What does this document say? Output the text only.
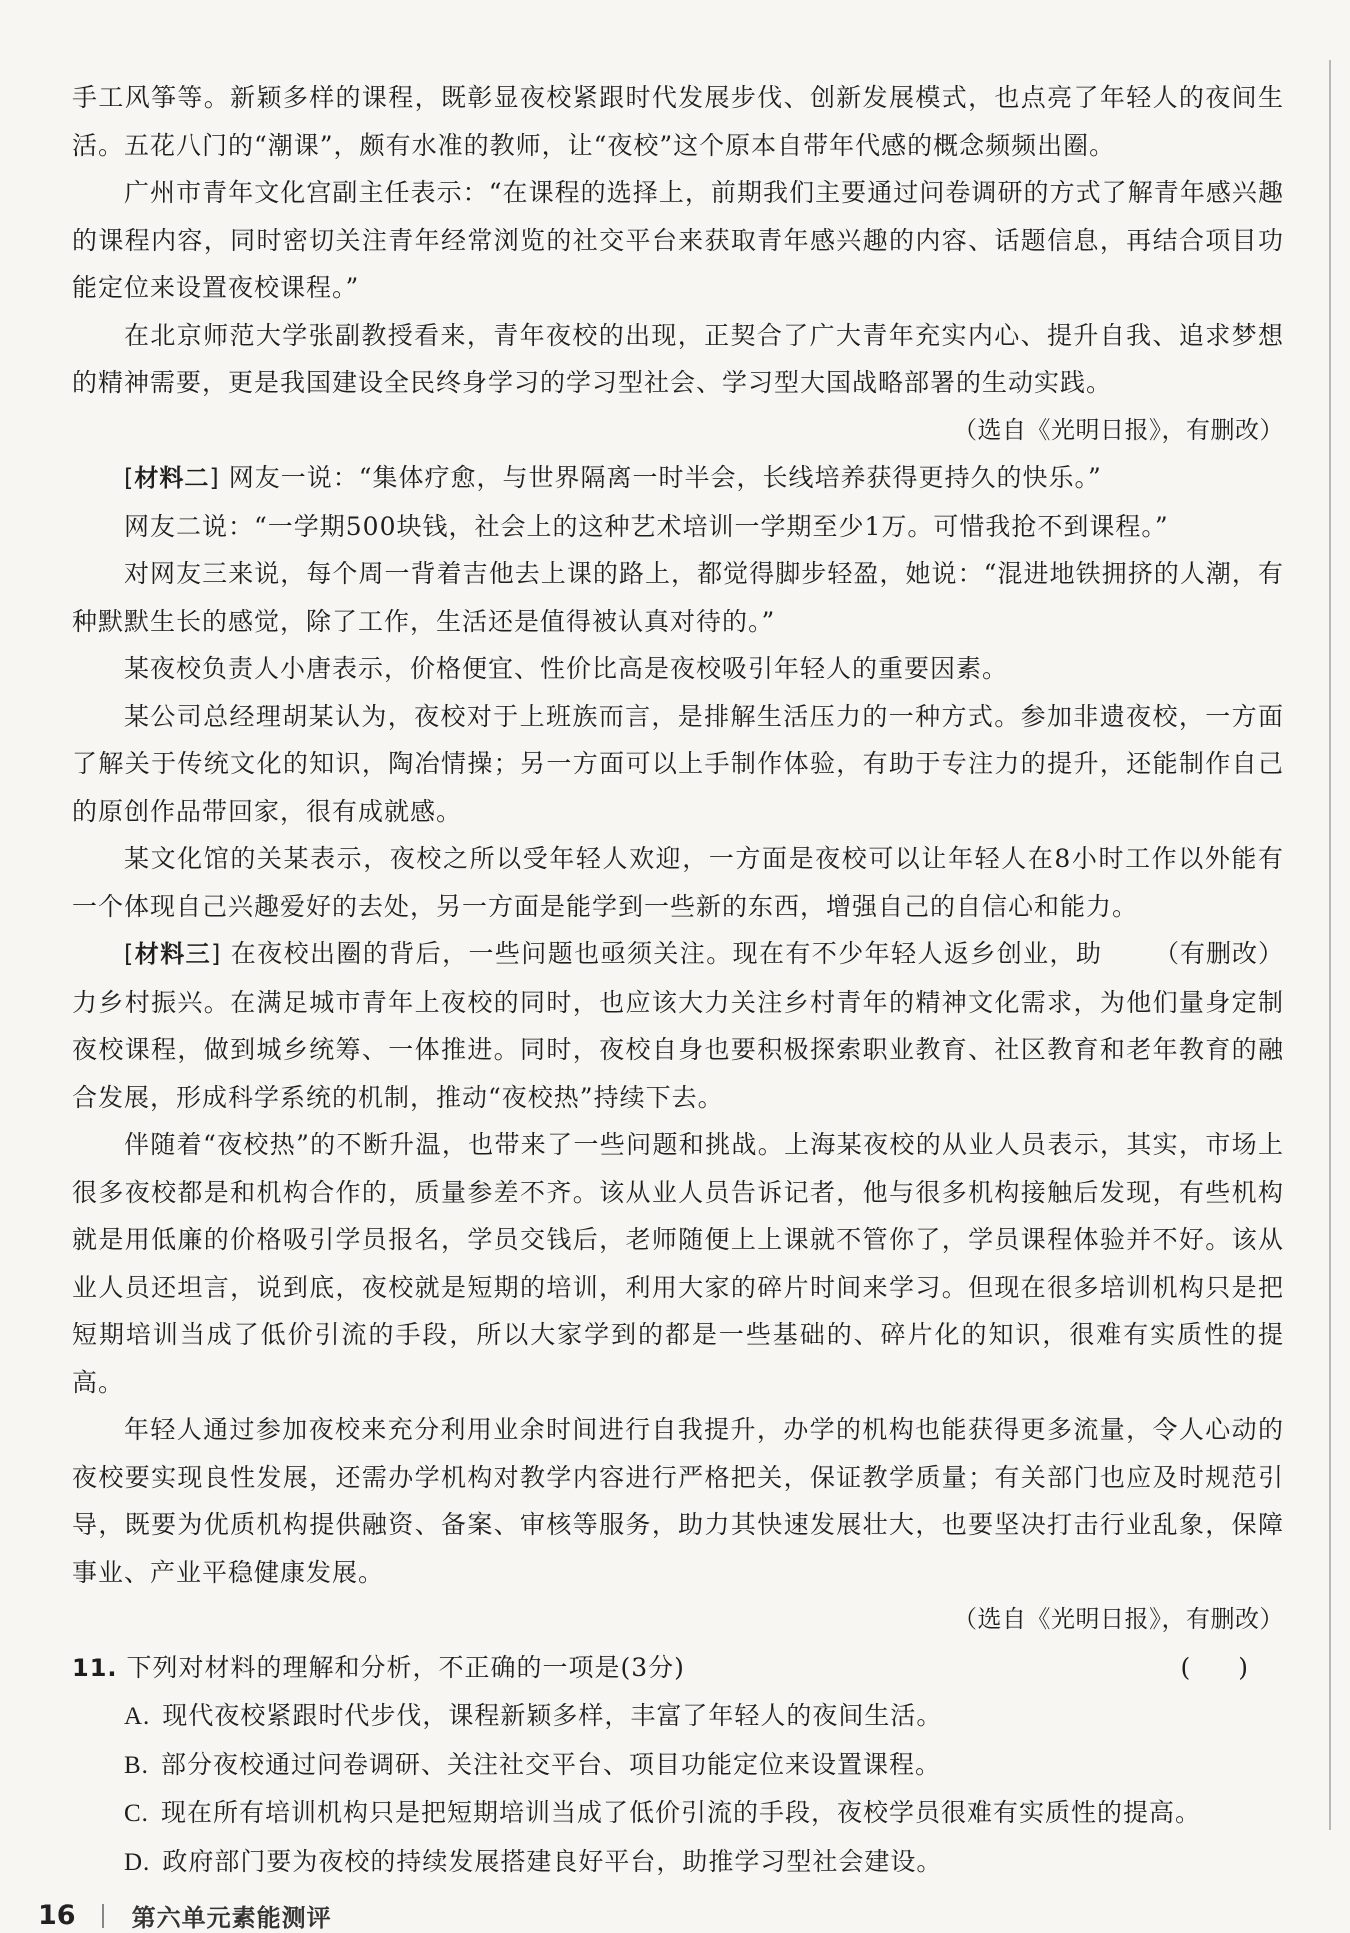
手工风筝等。新颖多样的课程，既彰显夜校紧跟时代发展步伐、创新发展模式，也点亮了年轻人的夜间生活。五花八门的“潮课”，颇有水准的教师，让“夜校”这个原本自带年代感的概念频频出圈。

广州市青年文化宫副主任表示：“在课程的选择上，前期我们主要通过问卷调研的方式了解青年感兴趣的课程内容，同时密切关注青年经常浏览的社交平台来获取青年感兴趣的内容、话题信息，再结合项目功能定位来设置夜校课程。”

在北京师范大学张副教授看来，青年夜校的出现，正契合了广大青年充实内心、提升自我、追求梦想的精神需要，更是我国建设全民终身学习的学习型社会、学习型大国战略部署的生动实践。

（选自《光明日报》，有删改）

[材料二] 网友一说：“集体疗愈，与世界隔离一时半会，长线培养获得更持久的快乐。”

网友二说：“一学期500块钱，社会上的这种艺术培训一学期至少1万。可惜我抢不到课程。”

对网友三来说，每个周一背着吉他去上课的路上，都觉得脚步轻盈，她说：“混进地铁拥挤的人潮，有种默默生长的感觉，除了工作，生活还是值得被认真对待的。”

某夜校负责人小唐表示，价格便宜、性价比高是夜校吸引年轻人的重要因素。

某公司总经理胡某认为，夜校对于上班族而言，是排解生活压力的一种方式。参加非遗夜校，一方面了解关于传统文化的知识，陶冶情操；另一方面可以上手制作体验，有助于专注力的提升，还能制作自己的原创作品带回家，很有成就感。

某文化馆的关某表示，夜校之所以受年轻人欢迎，一方面是夜校可以让年轻人在8小时工作以外能有一个体现自己兴趣爱好的去处，另一方面是能学到一些新的东西，增强自己的自信心和能力。
（有删改）

[材料三] 在夜校出圈的背后，一些问题也亟须关注。现在有不少年轻人返乡创业，助力乡村振兴。在满足城市青年上夜校的同时，也应该大力关注乡村青年的精神文化需求，为他们量身定制夜校课程，做到城乡统筹、一体推进。同时，夜校自身也要积极探索职业教育、社区教育和老年教育的融合发展，形成科学系统的机制，推动“夜校热”持续下去。

伴随着“夜校热”的不断升温，也带来了一些问题和挑战。上海某夜校的从业人员表示，其实，市场上很多夜校都是和机构合作的，质量参差不齐。该从业人员告诉记者，他与很多机构接触后发现，有些机构就是用低廉的价格吸引学员报名，学员交钱后，老师随便上上课就不管你了，学员课程体验并不好。该从业人员还坦言，说到底，夜校就是短期的培训，利用大家的碎片时间来学习。但现在很多培训机构只是把短期培训当成了低价引流的手段，所以大家学到的都是一些基础的、碎片化的知识，很难有实质性的提高。

年轻人通过参加夜校来充分利用业余时间进行自我提升，办学的机构也能获得更多流量，令人心动的夜校要实现良性发展，还需办学机构对教学内容进行严格把关，保证教学质量；有关部门也应及时规范引导，既要为优质机构提供融资、备案、审核等服务，助力其快速发展壮大，也要坚决打击行业乱象，保障事业、产业平稳健康发展。

（选自《光明日报》，有删改）

11. 下列对材料的理解和分析，不正确的一项是(3分)	( )

A. 现代夜校紧跟时代步伐，课程新颖多样，丰富了年轻人的夜间生活。

B. 部分夜校通过问卷调研、关注社交平台、项目功能定位来设置课程。

C. 现在所有培训机构只是把短期培训当成了低价引流的手段，夜校学员很难有实质性的提高。

D. 政府部门要为夜校的持续发展搭建良好平台，助推学习型社会建设。

16 第六单元素能测评
